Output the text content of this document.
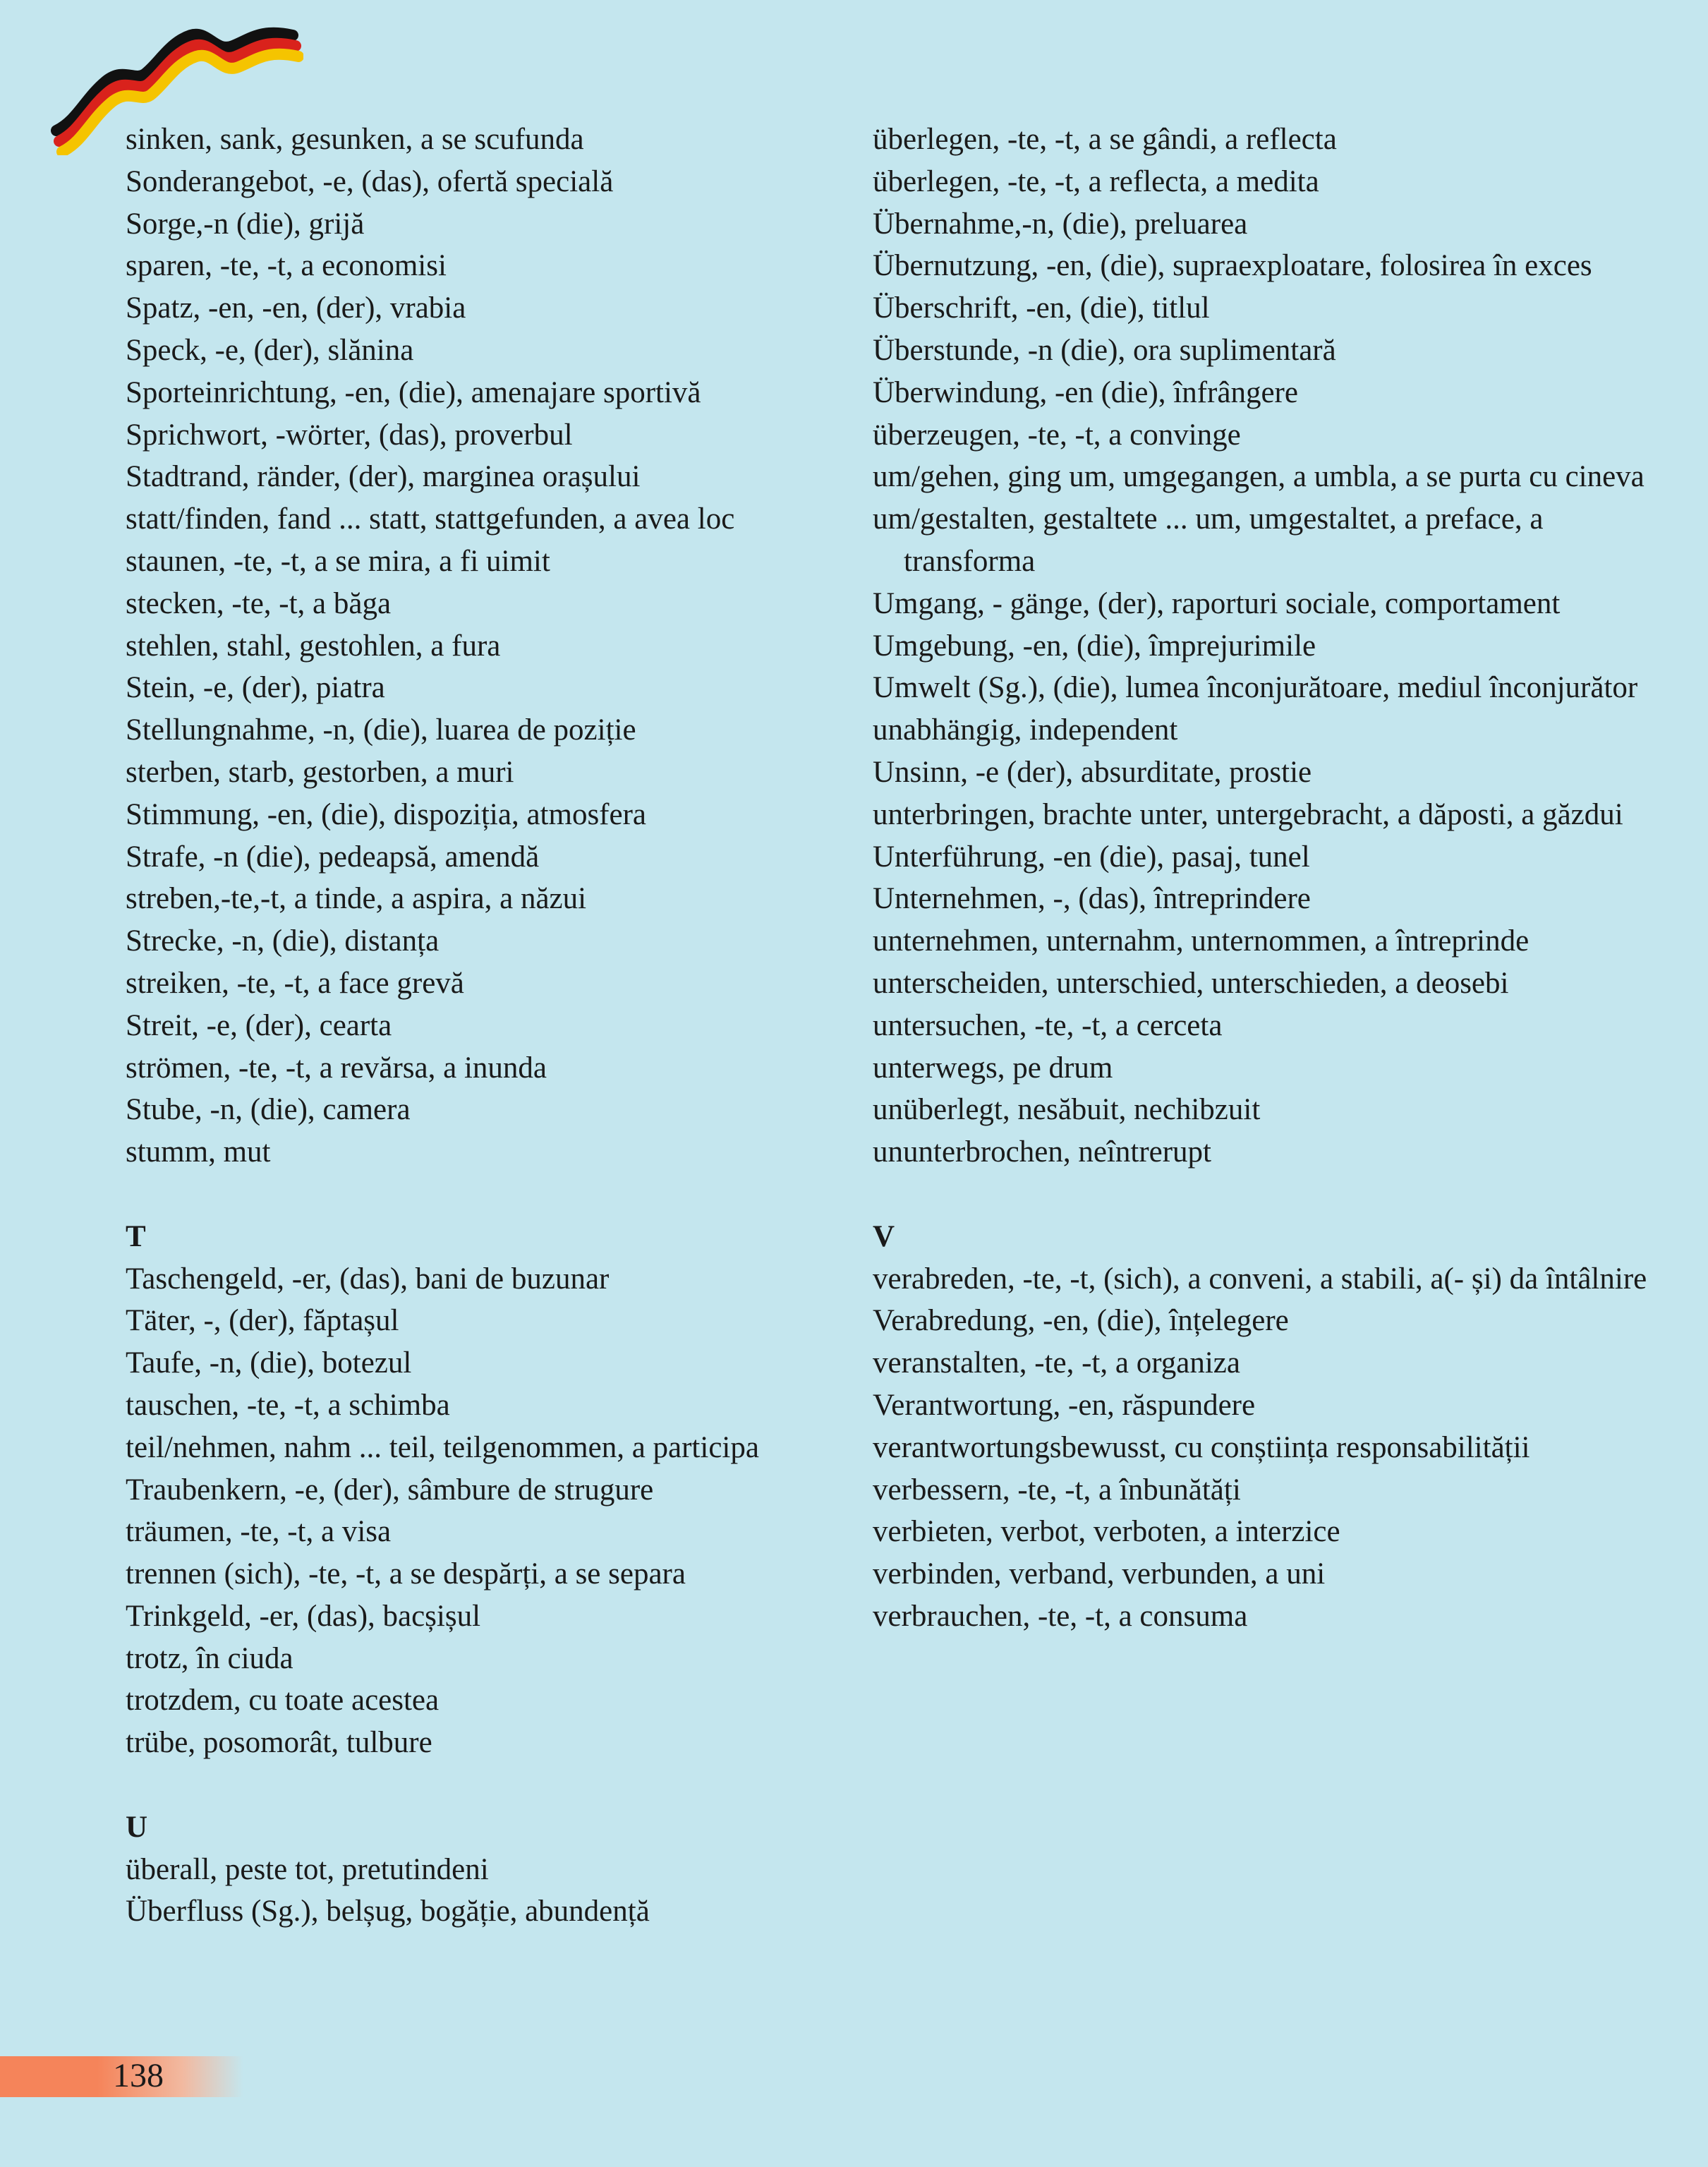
sinken, sank, gesunken, a se scufunda
Sonderangebot, -e, (das), ofertă specială
Sorge,-n (die), grijă
sparen, -te, -t, a economisi
Spatz, -en, -en, (der), vrabia
Speck, -e, (der), slănina
Sporteinrichtung, -en, (die), amenajare sportivă
Sprichwort, -wörter, (das), proverbul
Stadtrand, ränder, (der), marginea orașului
statt/finden, fand ... statt, stattgefunden, a avea loc
staunen, -te, -t, a se mira, a fi uimit
stecken, -te, -t, a băga
stehlen, stahl, gestohlen, a fura
Stein, -e, (der), piatra
Stellungnahme, -n, (die), luarea de poziție
sterben, starb, gestorben, a muri
Stimmung, -en, (die), dispoziția, atmosfera
Strafe, -n (die), pedeapsă, amendă
streben,-te,-t, a tinde, a aspira, a năzui
Strecke, -n, (die), distanța
streiken, -te, -t, a face grevă
Streit, -e, (der), cearta
strömen, -te, -t, a revărsa, a inunda
Stube, -n, (die), camera
stumm, mut
T
Taschengeld, -er, (das), bani de buzunar
Täter, -, (der), făptașul
Taufe, -n, (die), botezul
tauschen, -te, -t, a schimba
teil/nehmen, nahm ... teil, teilgenommen, a participa
Traubenkern, -e, (der), sâmbure de strugure
träumen, -te, -t, a visa
trennen (sich), -te, -t, a se despărți, a se separa
Trinkgeld, -er, (das), bacșișul
trotz, în ciuda
trotzdem, cu toate acestea
trübe, posomorât, tulbure
U
überall, peste tot, pretutindeni
Überfluss (Sg.), belșug, bogăție, abundență
überlegen, -te, -t, a se gândi, a reflecta
überlegen, -te, -t, a reflecta, a medita
Übernahme,-n, (die), preluarea
Übernutzung, -en, (die), supraexploatare, folosirea în exces
Überschrift, -en, (die), titlul
Überstunde, -n (die), ora suplimentară
Überwindung, -en (die), înfrângere
überzeugen, -te, -t, a convinge
um/gehen, ging um, umgegangen, a umbla, a se purta cu cineva
um/gestalten, gestaltete ... um, umgestaltet, a preface, a transforma
Umgang, - gänge, (der), raporturi sociale, comportament
Umgebung, -en, (die), împrejurimile
Umwelt (Sg.), (die), lumea înconjurătoare, mediul înconjurător
unabhängig, independent
Unsinn, -e (der), absurditate, prostie
unterbringen, brachte unter, untergebracht, a dăposti, a găzdui
Unterführung, -en (die), pasaj, tunel
Unternehmen, -, (das), întreprindere
unternehmen, unternahm, unternommen, a întreprinde
unterscheiden, unterschied, unterschieden, a deosebi
untersuchen, -te, -t, a cerceta
unterwegs, pe drum
unüberlegt, nesăbuit, nechibzuit
ununterbrochen, neîntrerupt
V
verabreden, -te, -t, (sich), a conveni, a stabili, a(- și) da întâlnire
Verabredung, -en, (die), înțelegere
veranstalten, -te, -t, a organiza
Verantwortung, -en, răspundere
verantwortungsbewusst, cu conștiința responsabilității
verbessern, -te, -t, a înbunătăți
verbieten, verbot, verboten, a interzice
verbinden, verband, verbunden, a uni
verbrauchen, -te, -t, a consuma
138
